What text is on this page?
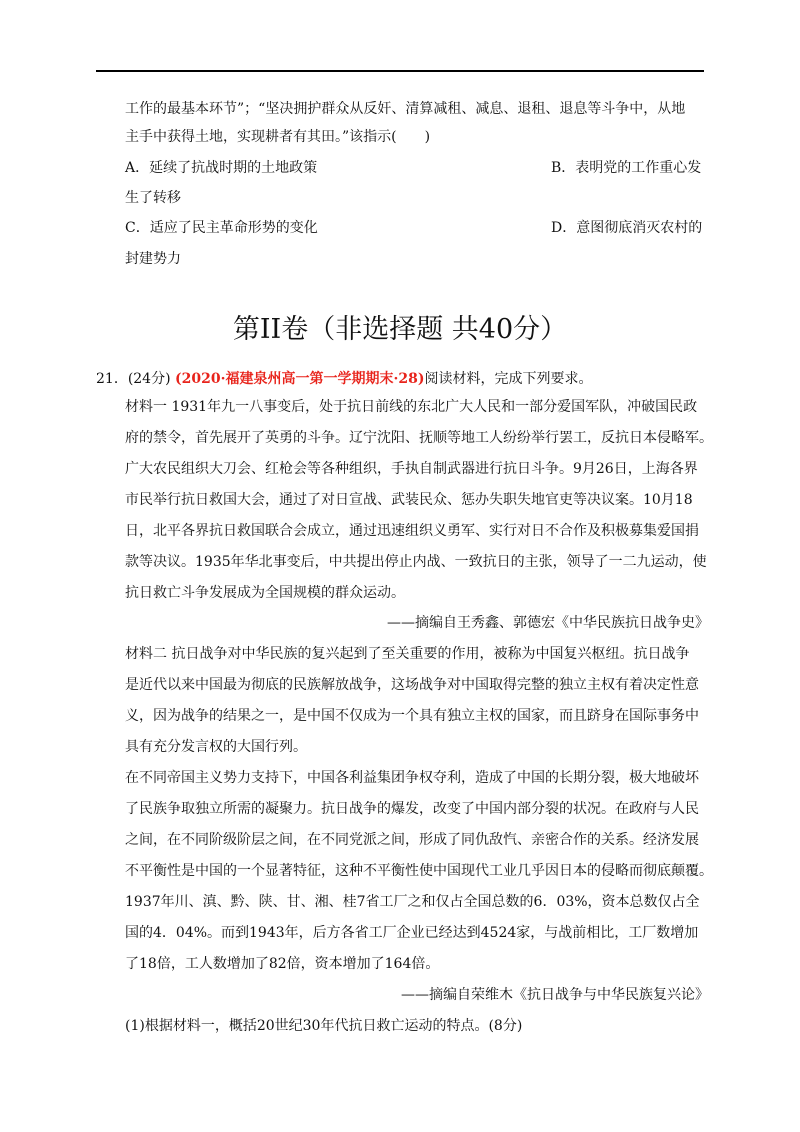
工作的最基本环节”；“坚决拥护群众从反奸、清算减租、减息、退租、退息等斗争中，从地
主手中获得土地，实现耕者有其田。”该指示(　　)
A．延续了抗战时期的土地政策	B．表明党的工作重心发
生了转移
C．适应了民主革命形势的变化	D．意图彻底消灭农村的
封建势力
第II卷（非选择题 共40分）
21．(24分) (2020·福建泉州高一第一学期期末·28)阅读材料，完成下列要求。
材料一 1931年九一八事变后，处于抗日前线的东北广大人民和一部分爱国军队，冲破国民政
府的禁令，首先展开了英勇的斗争。辽宁沈阳、抚顺等地工人纷纷举行罢工，反抗日本侵略军。
广大农民组织大刀会、红枪会等各种组织，手执自制武器进行抗日斗争。9月26日，上海各界
市民举行抗日救国大会，通过了对日宣战、武装民众、惩办失职失地官吏等决议案。10月18
日，北平各界抗日救国联合会成立，通过迅速组织义勇军、实行对日不合作及积极募集爱国捐
款等决议。1935年华北事变后，中共提出停止内战、一致抗日的主张，领导了一二九运动，使
抗日救亡斗争发展成为全国规模的群众运动。
——摘编自王秀鑫、郭德宏《中华民族抗日战争史》
材料二 抗日战争对中华民族的复兴起到了至关重要的作用，被称为中国复兴枢纽。抗日战争
是近代以来中国最为彻底的民族解放战争，这场战争对中国取得完整的独立主权有着决定性意
义，因为战争的结果之一，是中国不仅成为一个具有独立主权的国家，而且跻身在国际事务中
具有充分发言权的大国行列。
在不同帝国主义势力支持下，中国各利益集团争权夺利，造成了中国的长期分裂，极大地破坏
了民族争取独立所需的凝聚力。抗日战争的爆发，改变了中国内部分裂的状况。在政府与人民
之间，在不同阶级阶层之间，在不同党派之间，形成了同仇敌忾、亲密合作的关系。经济发展
不平衡性是中国的一个显著特征，这种不平衡性使中国现代工业几乎因日本的侵略而彻底颠覆。
1937年川、滇、黔、陕、甘、湘、桂7省工厂之和仅占全国总数的6．03%，资本总数仅占全
国的4．04%。而到1943年，后方各省工厂企业已经达到4524家，与战前相比，工厂数增加
了18倍，工人数增加了82倍，资本增加了164倍。
——摘编自荣维木《抗日战争与中华民族复兴论》
(1)根据材料一，概括20世纪30年代抗日救亡运动的特点。(8分)
